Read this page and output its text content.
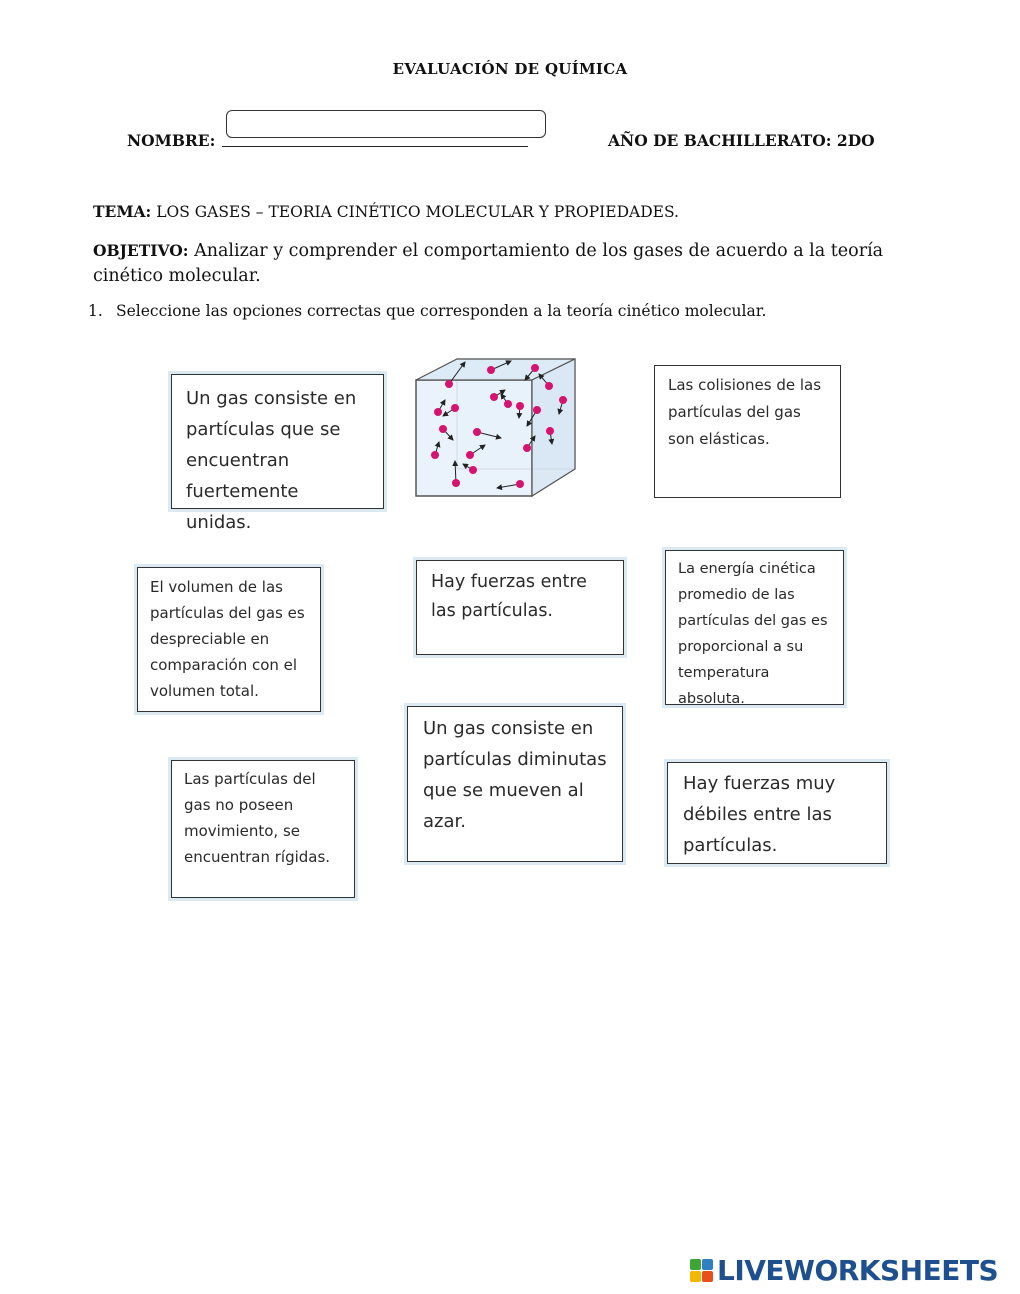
EVALUACIÓN DE QUÍMICA
NOMBRE:	AÑO DE BACHILLERATO: 2DO
TEMA: LOS GASES – TEORIA CINÉTICO MOLECULAR Y PROPIEDADES.
OBJETIVO: Analizar y comprender el comportamiento de los gases de acuerdo a la teoría cinético molecular.
1. Seleccione las opciones correctas que corresponden a la teoría cinético molecular.
Un gas consiste en
partículas que se
encuentran
fuertemente unidas.
Las colisiones de las
partículas del gas
son elásticas.
El volumen de las
partículas del gas es
despreciable en
comparación con el
volumen total.
Hay fuerzas entre
las partículas.
La energía cinética
promedio de las
partículas del gas es
proporcional a su
temperatura
absoluta.
Las partículas del
gas no poseen
movimiento, se
encuentran rígidas.
Un gas consiste en
partículas diminutas
que se mueven al
azar.
Hay fuerzas muy
débiles entre las
partículas.
LIVEWORKSHEETS
